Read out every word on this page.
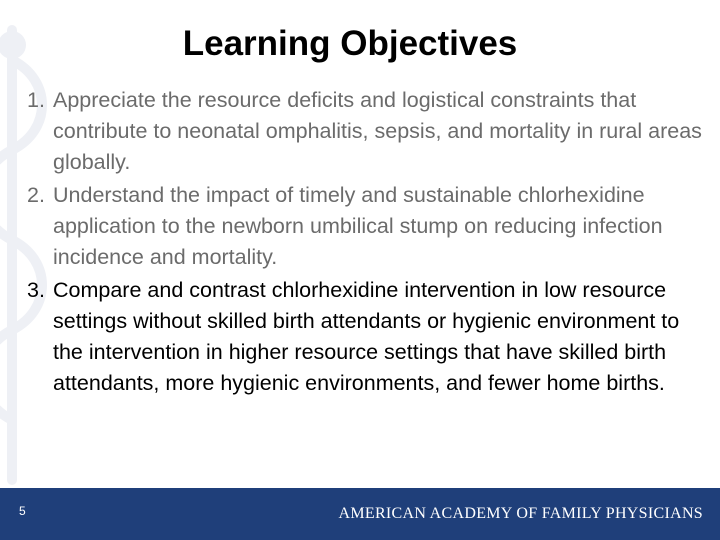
Learning Objectives
1. Appreciate the resource deficits and logistical constraints that contribute to neonatal omphalitis, sepsis, and mortality in rural areas globally.
2. Understand the impact of timely and sustainable chlorhexidine application to the newborn umbilical stump on reducing infection incidence and mortality.
3. Compare and contrast chlorhexidine intervention in low resource settings without skilled birth attendants or hygienic environment to the intervention in higher resource settings that have skilled birth attendants, more hygienic environments, and fewer home births.
5	AMERICAN ACADEMY OF FAMILY PHYSICIANS
